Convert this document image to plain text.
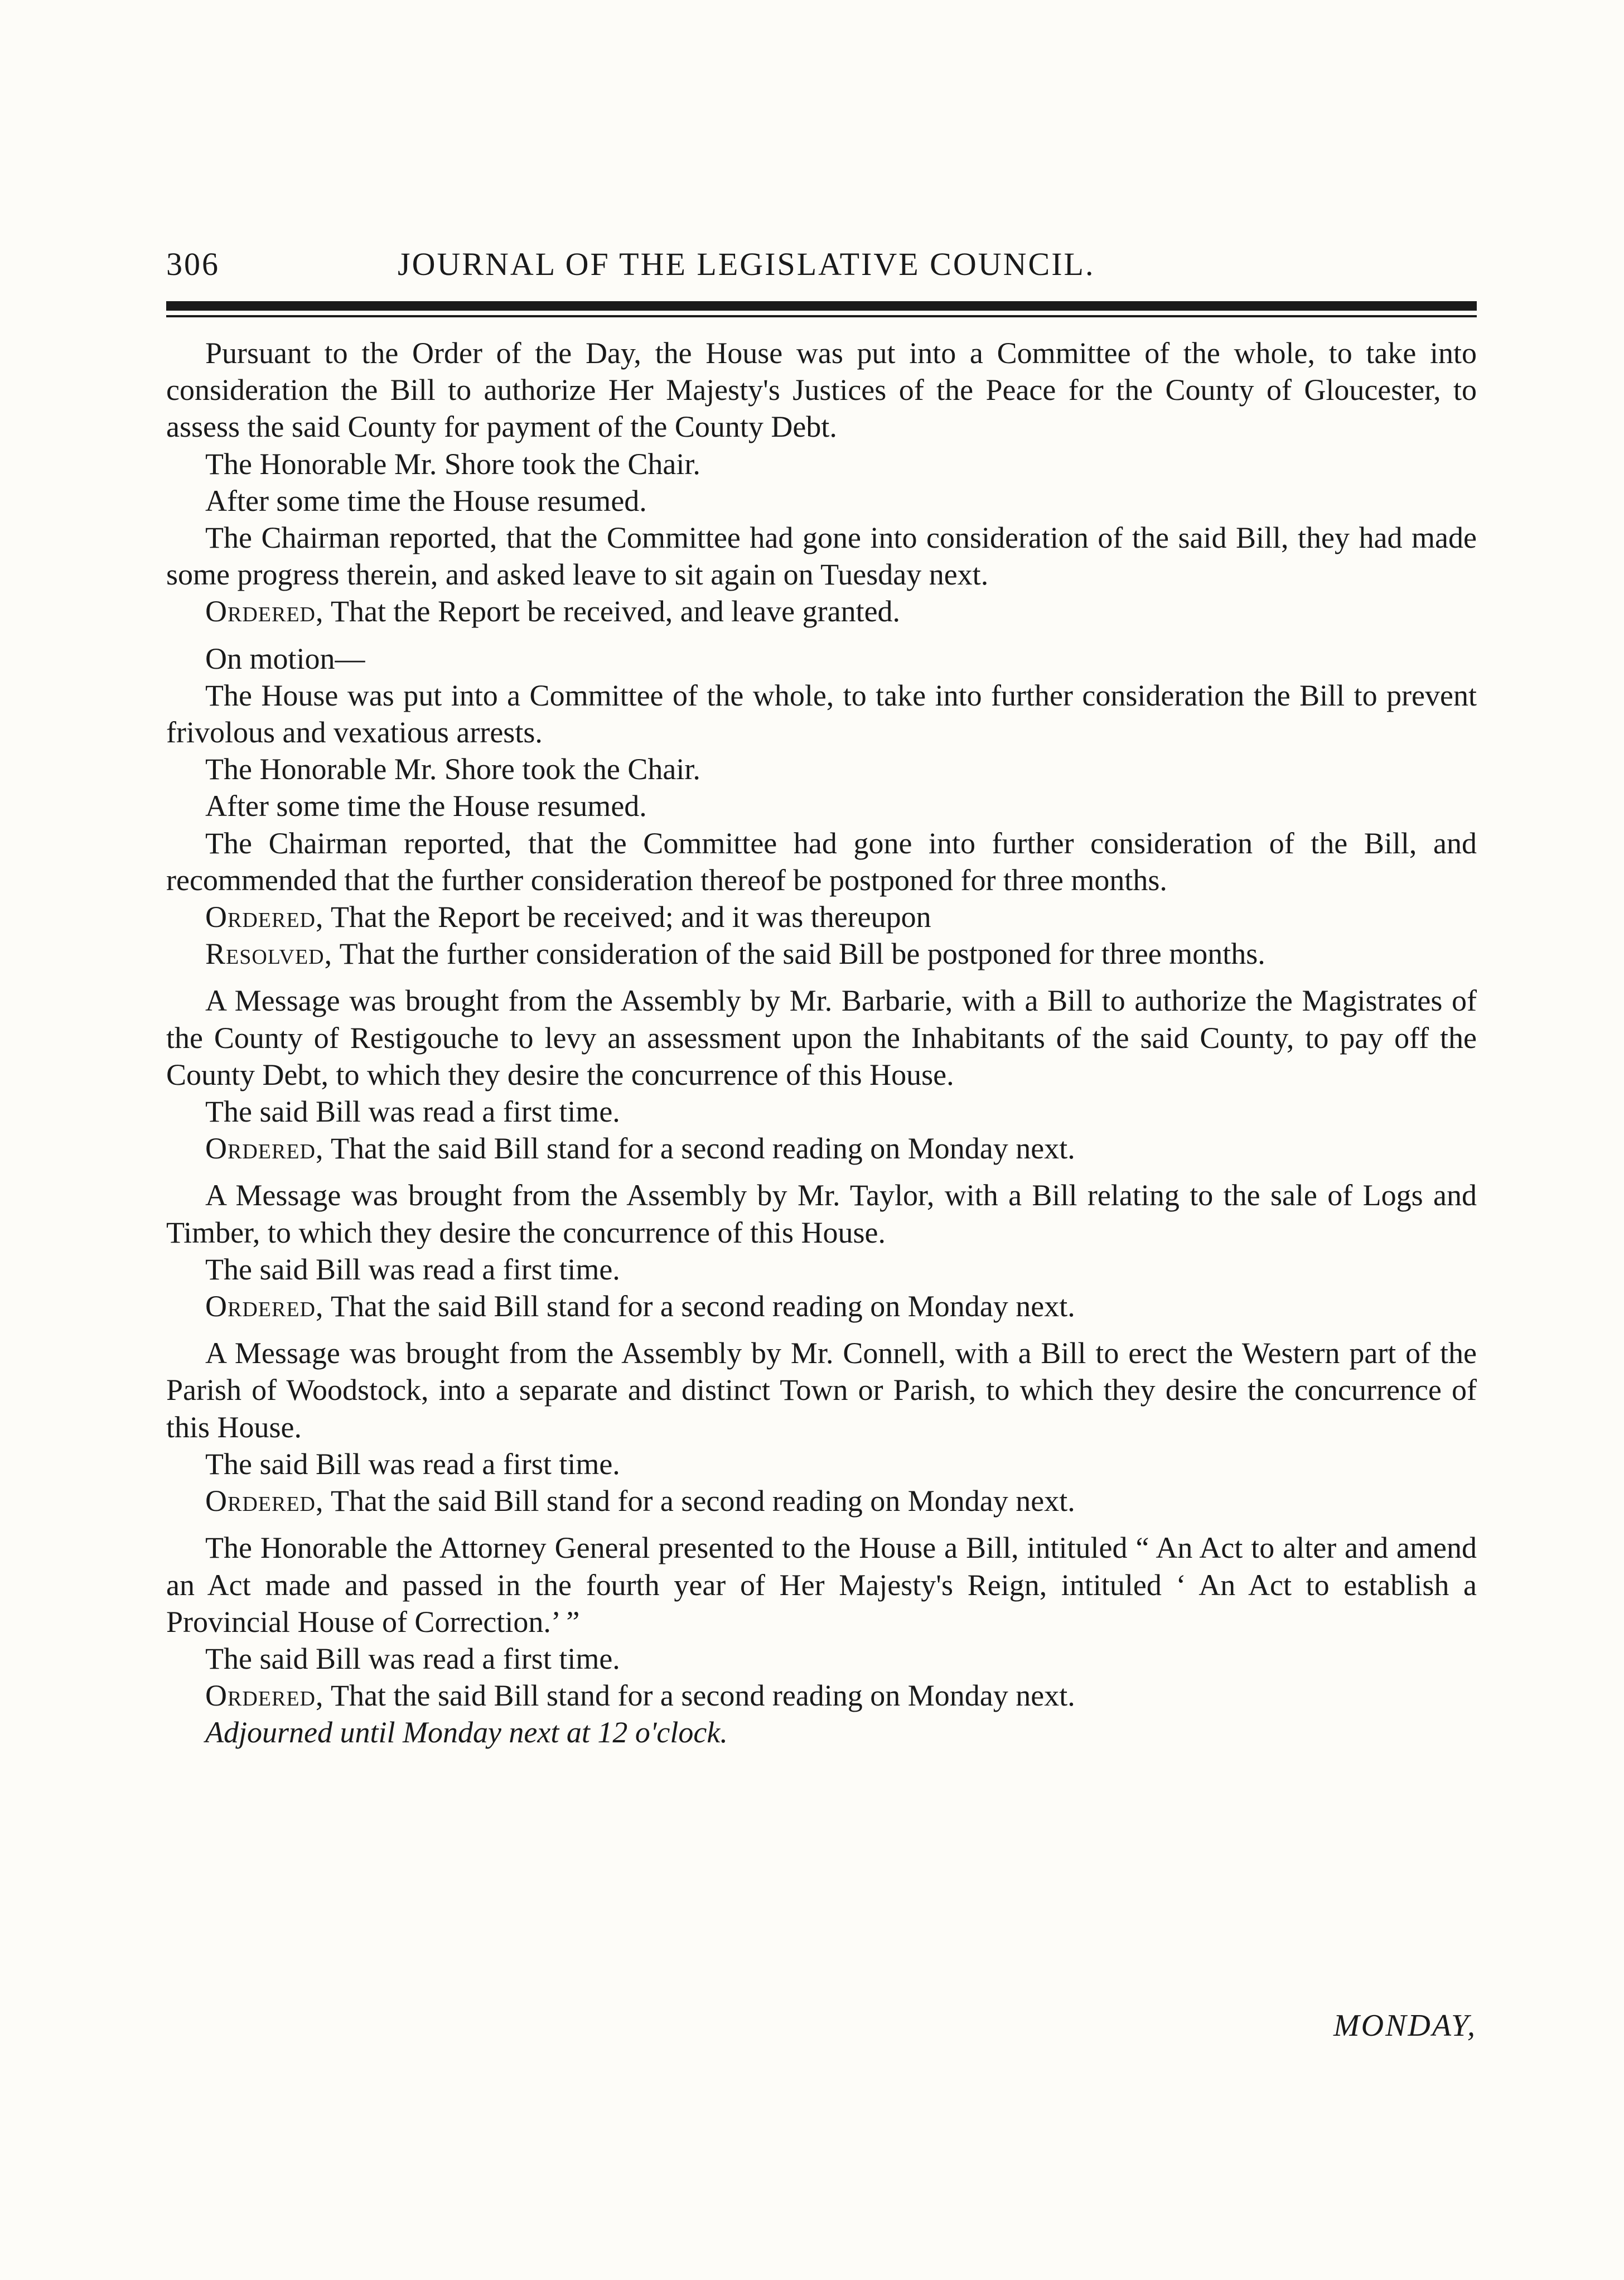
306	JOURNAL OF THE LEGISLATIVE COUNCIL.

Pursuant to the Order of the Day, the House was put into a Committee of the whole, to take into consideration the Bill to authorize Her Majesty's Justices of the Peace for the County of Gloucester, to assess the said County for payment of the County Debt.

The Honorable Mr. Shore took the Chair.

After some time the House resumed.

The Chairman reported, that the Committee had gone into consideration of the said Bill, they had made some progress therein, and asked leave to sit again on Tuesday next.

Ordered, That the Report be received, and leave granted.

On motion—

The House was put into a Committee of the whole, to take into further consideration the Bill to prevent frivolous and vexatious arrests.

The Honorable Mr. Shore took the Chair.

After some time the House resumed.

The Chairman reported, that the Committee had gone into further consideration of the Bill, and recommended that the further consideration thereof be postponed for three months.

Ordered, That the Report be received; and it was thereupon

Resolved, That the further consideration of the said Bill be postponed for three months.

A Message was brought from the Assembly by Mr. Barbarie, with a Bill to authorize the Magistrates of the County of Restigouche to levy an assessment upon the Inhabitants of the said County, to pay off the County Debt, to which they desire the concurrence of this House.

The said Bill was read a first time.

Ordered, That the said Bill stand for a second reading on Monday next.

A Message was brought from the Assembly by Mr. Taylor, with a Bill relating to the sale of Logs and Timber, to which they desire the concurrence of this House.

The said Bill was read a first time.

Ordered, That the said Bill stand for a second reading on Monday next.

A Message was brought from the Assembly by Mr. Connell, with a Bill to erect the Western part of the Parish of Woodstock, into a separate and distinct Town or Parish, to which they desire the concurrence of this House.

The said Bill was read a first time.

Ordered, That the said Bill stand for a second reading on Monday next.

The Honorable the Attorney General presented to the House a Bill, intituled “ An Act to alter and amend an Act made and passed in the fourth year of Her Majesty's Reign, intituled ‘ An Act to establish a Provincial House of Correction.’ ”

The said Bill was read a first time.

Ordered, That the said Bill stand for a second reading on Monday next.

Adjourned until Monday next at 12 o'clock.

MONDAY,
